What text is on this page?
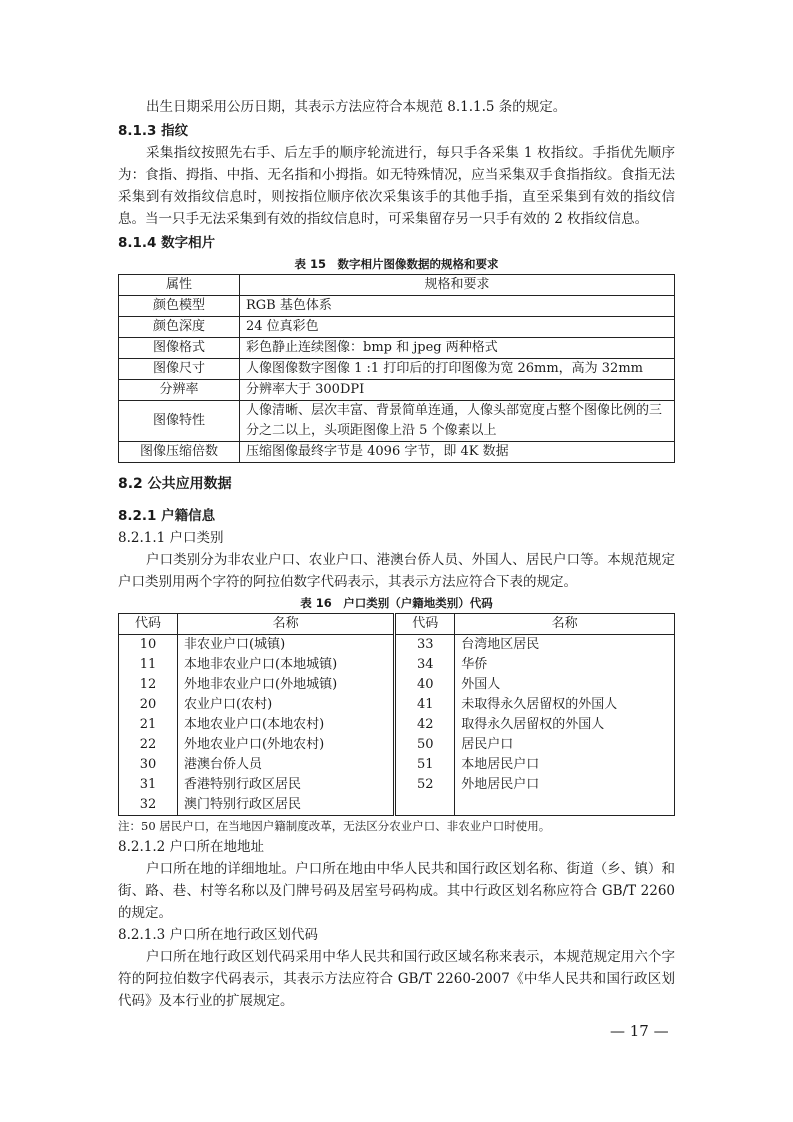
出生日期采用公历日期，其表示方法应符合本规范 8.1.1.5 条的规定。

8.1.3 指纹

采集指纹按照先右手、后左手的顺序轮流进行，每只手各采集 1 枚指纹。手指优先顺序为：食指、拇指、中指、无名指和小拇指。如无特殊情况，应当采集双手食指指纹。食指无法采集到有效指纹信息时，则按指位顺序依次采集该手的其他手指，直至采集到有效的指纹信息。当一只手无法采集到有效的指纹信息时，可采集留存另一只手有效的 2 枚指纹信息。

8.1.4 数字相片
表 15　数字相片图像数据的规格和要求
属性	规格和要求
颜色模型	RGB 基色体系
颜色深度	24 位真彩色
图像格式	彩色静止连续图像：bmp 和 jpeg 两种格式
图像尺寸	人像图像数字图像 1 :1 打印后的打印图像为宽 26mm，高为 32mm
分辨率	分辨率大于 300DPI
图像特性	人像清晰、层次丰富、背景简单连通，人像头部宽度占整个图像比例的三分之二以上，头项距图像上沿 5 个像素以上
图像压缩倍数	压缩图像最终字节是 4096 字节，即 4K 数据
8.2 公共应用数据
8.2.1 户籍信息

8.2.1.1 户口类别

户口类别分为非农业户口、农业户口、港澳台侨人员、外国人、居民户口等。本规范规定户口类别用两个字符的阿拉伯数字代码表示，其表示方法应符合下表的规定。

表 16　户口类别（户籍地类别）代码
代码	名称	代码	名称
10	非农业户口(城镇)	33	台湾地区居民
11	本地非农业户口(本地城镇)	34	华侨
12	外地非农业户口(外地城镇)	40	外国人
20	农业户口(农村)	41	未取得永久居留权的外国人
21	本地农业户口(本地农村)	42	取得永久居留权的外国人
22	外地农业户口(外地农村)	50	居民户口
30	港澳台侨人员	51	本地居民户口
31	香港特别行政区居民	52	外地居民户口
32	澳门特别行政区居民		

注：50 居民户口，在当地因户籍制度改革，无法区分农业户口、非农业户口时使用。

8.2.1.2 户口所在地地址

户口所在地的详细地址。户口所在地由中华人民共和国行政区划名称、街道（乡、镇）和街、路、巷、村等名称以及门牌号码及居室号码构成。其中行政区划名称应符合 GB/T 2260 的规定。

8.2.1.3 户口所在地行政区划代码

户口所在地行政区划代码采用中华人民共和国行政区域名称来表示，本规范规定用六个字符的阿拉伯数字代码表示，其表示方法应符合 GB/T 2260-2007《中华人民共和国行政区划代码》及本行业的扩展规定。

— 17 —
